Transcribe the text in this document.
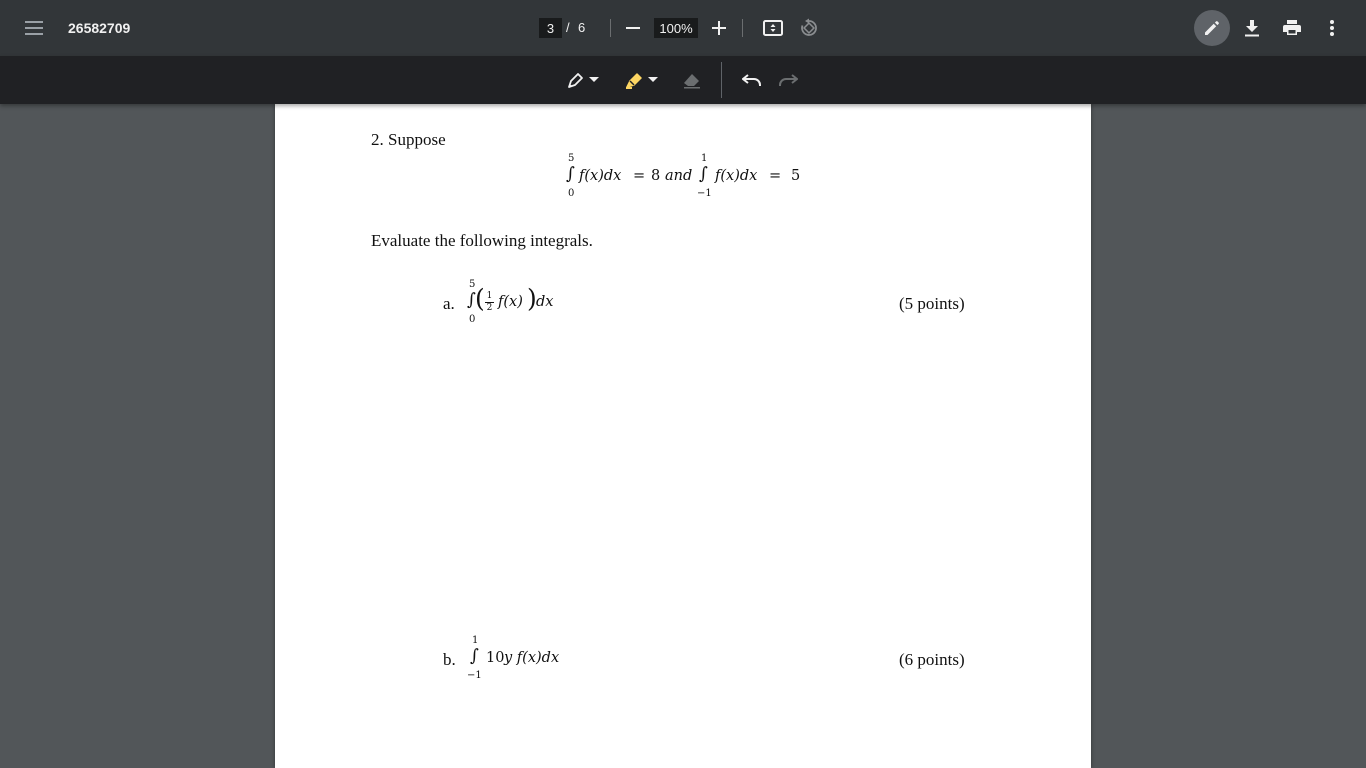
26582709
3	/ 6
100%
2. Suppose
5
∫
0
f(x)dx = 8 and
1
∫
−1
f(x)dx = 5
Evaluate the following integrals.
a.
5
∫
0
( 1
2 f(x) ) dx	(5 points)
b.
1
∫
−1
10 y f(x)dx	(6 points)
